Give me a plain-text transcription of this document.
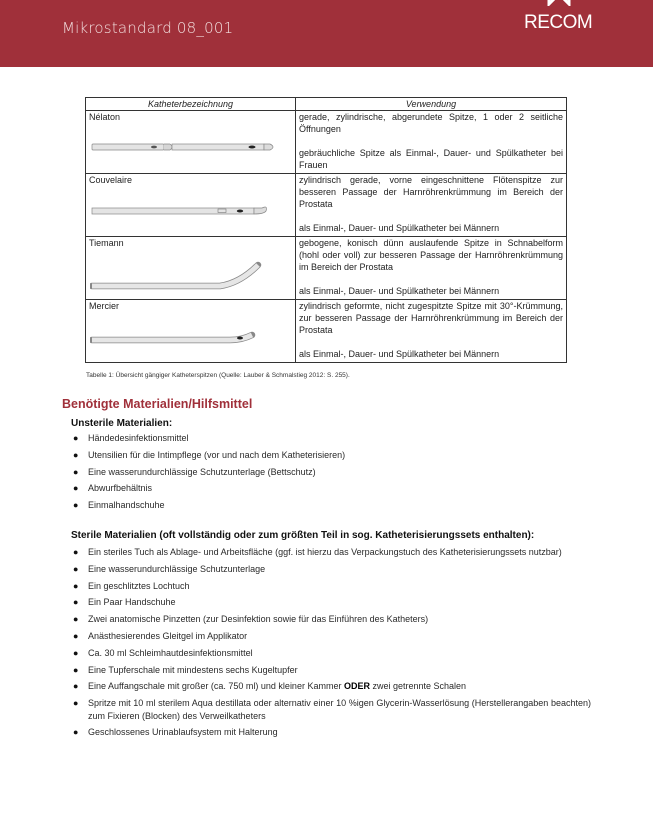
Mikrostandard 08_001	RECOM
Katheterbezeichnung	Verwendung
Nélaton	gerade, zylindrische, abgerundete Spitze, 1 oder 2 seitliche Öffnungen
gebräuchliche Spitze als Einmal-, Dauer- und Spülkatheter bei Frauen

Couvelaire	zylindrisch gerade, vorne eingeschnittene Flötenspitze zur besseren Passage der Harnröhrenkrümmung im Bereich der Prostata
als Einmal-, Dauer- und Spülkatheter bei Männern

Tiemann	gebogene, konisch dünn auslaufende Spitze in Schnabelform (hohl oder voll) zur besseren Passage der Harnröhrenkrümmung im Bereich der Prostata
als Einmal-, Dauer- und Spülkatheter bei Männern

Mercier	zylindrisch geformte, nicht zugespitzte Spitze mit 30°-Krümmung, zur besseren Passage der Harnröhrenkrümmung im Bereich der Prostata
als Einmal-, Dauer- und Spülkatheter bei Männern
Tabelle 1: Übersicht gängiger Katheterspitzen (Quelle: Lauber & Schmalstieg 2012: S. 255).
Benötigte Materialien/Hilfsmittel
Unsterile Materialien:
● Händedesinfektionsmittel
● Utensilien für die Intimpflege (vor und nach dem Katheterisieren)
● Eine wasserundurchlässige Schutzunterlage (Bettschutz)
● Abwurfbehältnis
● Einmalhandschuhe
Sterile Materialien (oft vollständig oder zum größten Teil in sog. Katheterisierungssets enthalten):
● Ein steriles Tuch als Ablage- und Arbeitsfläche (ggf. ist hierzu das Verpackungstuch des Katheterisierungssets nutzbar)
● Eine wasserundurchlässige Schutzunterlage
● Ein geschlitztes Lochtuch
● Ein Paar Handschuhe
● Zwei anatomische Pinzetten (zur Desinfektion sowie für das Einführen des Katheters)
● Anästhesierendes Gleitgel im Applikator
● Ca. 30 ml Schleimhautdesinfektionsmittel
● Eine Tupferschale mit mindestens sechs Kugeltupfer
● Eine Auffangschale mit großer (ca. 750 ml) und kleiner Kammer ODER zwei getrennte Schalen
● Spritze mit 10 ml sterilem Aqua destillata oder alternativ einer 10 %igen Glycerin-Wasserlösung (Herstellerangaben beachten) zum Fixieren (Blocken) des Verweilkatheters
● Geschlossenes Urinablaufsystem mit Halterung
